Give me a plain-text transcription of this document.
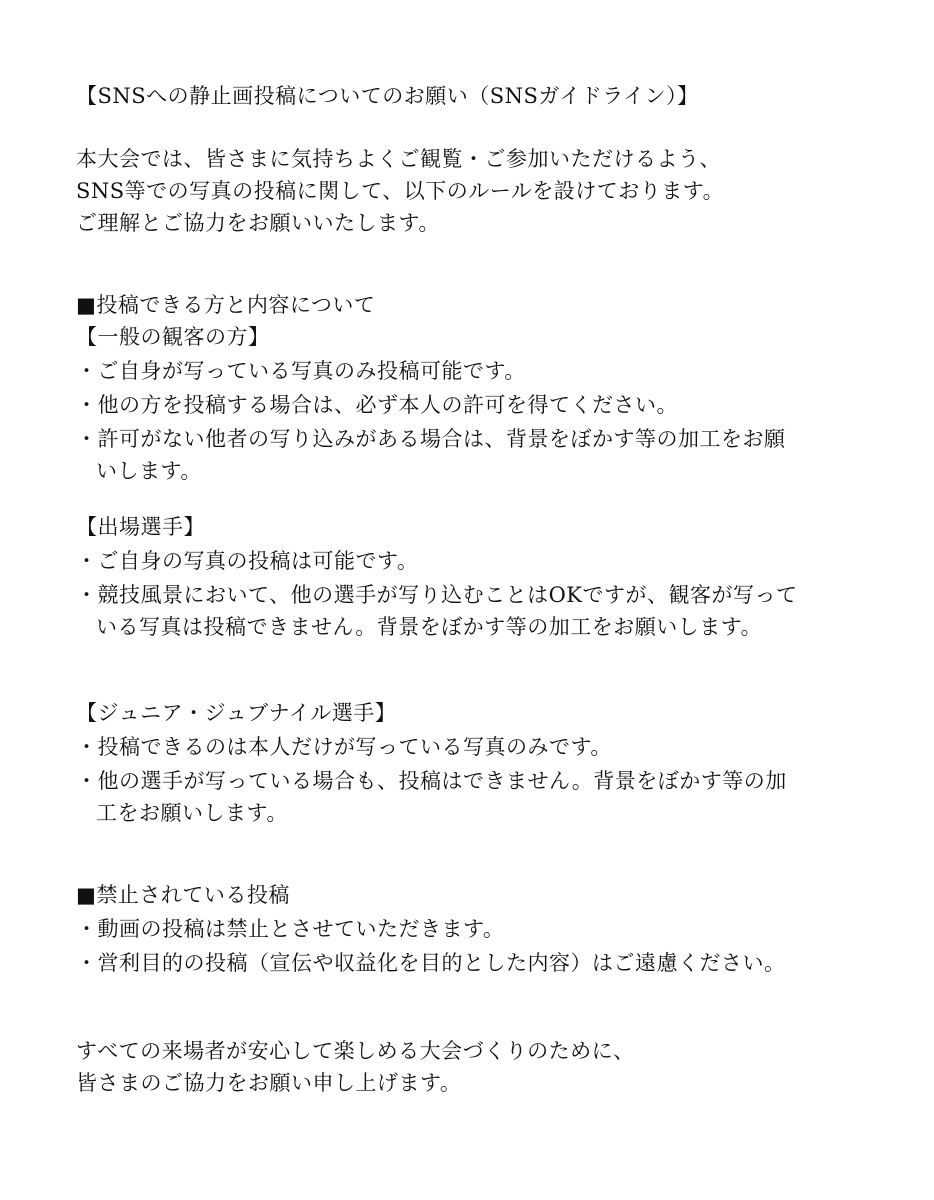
【SNSへの静止画投稿についてのお願い（SNSガイドライン）】
本大会では、皆さまに気持ちよくご観覧・ご参加いただけるよう、
SNS等での写真の投稿に関して、以下のルールを設けております。
ご理解とご協力をお願いいたします。
■投稿できる方と内容について
【一般の観客の方】
・ご自身が写っている写真のみ投稿可能です。
・他の方を投稿する場合は、必ず本人の許可を得てください。
・許可がない他者の写り込みがある場合は、背景をぼかす等の加工をお願
いします。
【出場選手】
・ご自身の写真の投稿は可能です。
・競技風景において、他の選手が写り込むことはOKですが、観客が写って
いる写真は投稿できません。背景をぼかす等の加工をお願いします。
【ジュニア・ジュブナイル選手】
・投稿できるのは本人だけが写っている写真のみです。
・他の選手が写っている場合も、投稿はできません。背景をぼかす等の加
工をお願いします。
■禁止されている投稿
・動画の投稿は禁止とさせていただきます。
・営利目的の投稿（宣伝や収益化を目的とした内容）はご遠慮ください。
すべての来場者が安心して楽しめる大会づくりのために、
皆さまのご協力をお願い申し上げます。
